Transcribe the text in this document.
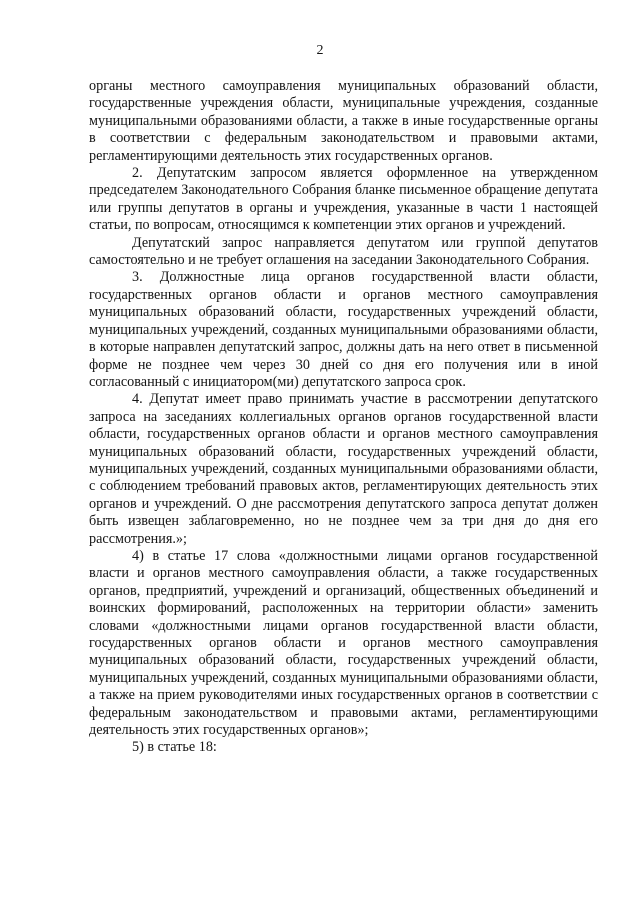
2

органы местного самоуправления муниципальных образований области, государственные учреждения области, муниципальные учреждения, созданные муниципальными образованиями области, а также в иные государственные органы в соответствии с федеральным законодательством и правовыми актами, регламентирующими деятельность этих государственных органов.

2. Депутатским запросом является оформленное на утвержденном председателем Законодательного Собрания бланке письменное обращение депутата или группы депутатов в органы и учреждения, указанные в части 1 настоящей статьи, по вопросам, относящимся к компетенции этих органов и учреждений.

Депутатский запрос направляется депутатом или группой депутатов самостоятельно и не требует оглашения на заседании Законодательного Собрания.

3. Должностные лица органов государственной власти области, государственных органов области и органов местного самоуправления муниципальных образований области, государственных учреждений области, муниципальных учреждений, созданных муниципальными образованиями области, в которые направлен депутатский запрос, должны дать на него ответ в письменной форме не позднее чем через 30 дней со дня его получения или в иной согласованный с инициатором(ми) депутатского запроса срок.

4. Депутат имеет право принимать участие в рассмотрении депутатского запроса на заседаниях коллегиальных органов органов государственной власти области, государственных органов области и органов местного самоуправления муниципальных образований области, государственных учреждений области, муниципальных учреждений, созданных муниципальными образованиями области, с соблюдением требований правовых актов, регламентирующих деятельность этих органов и учреждений. О дне рассмотрения депутатского запроса депутат должен быть извещен заблаговременно, но не позднее чем за три дня до дня его рассмотрения.»;

4) в статье 17 слова «должностными лицами органов государственной власти и органов местного самоуправления области, а также государственных органов, предприятий, учреждений и организаций, общественных объединений и воинских формирований, расположенных на территории области» заменить словами «должностными лицами органов государственной власти области, государственных органов области и органов местного самоуправления муниципальных образований области, государственных учреждений области, муниципальных учреждений, созданных муниципальными образованиями области, а также на прием руководителями иных государственных органов в соответствии с федеральным законодательством и правовыми актами, регламентирующими деятельность этих государственных органов»;

5) в статье 18:
